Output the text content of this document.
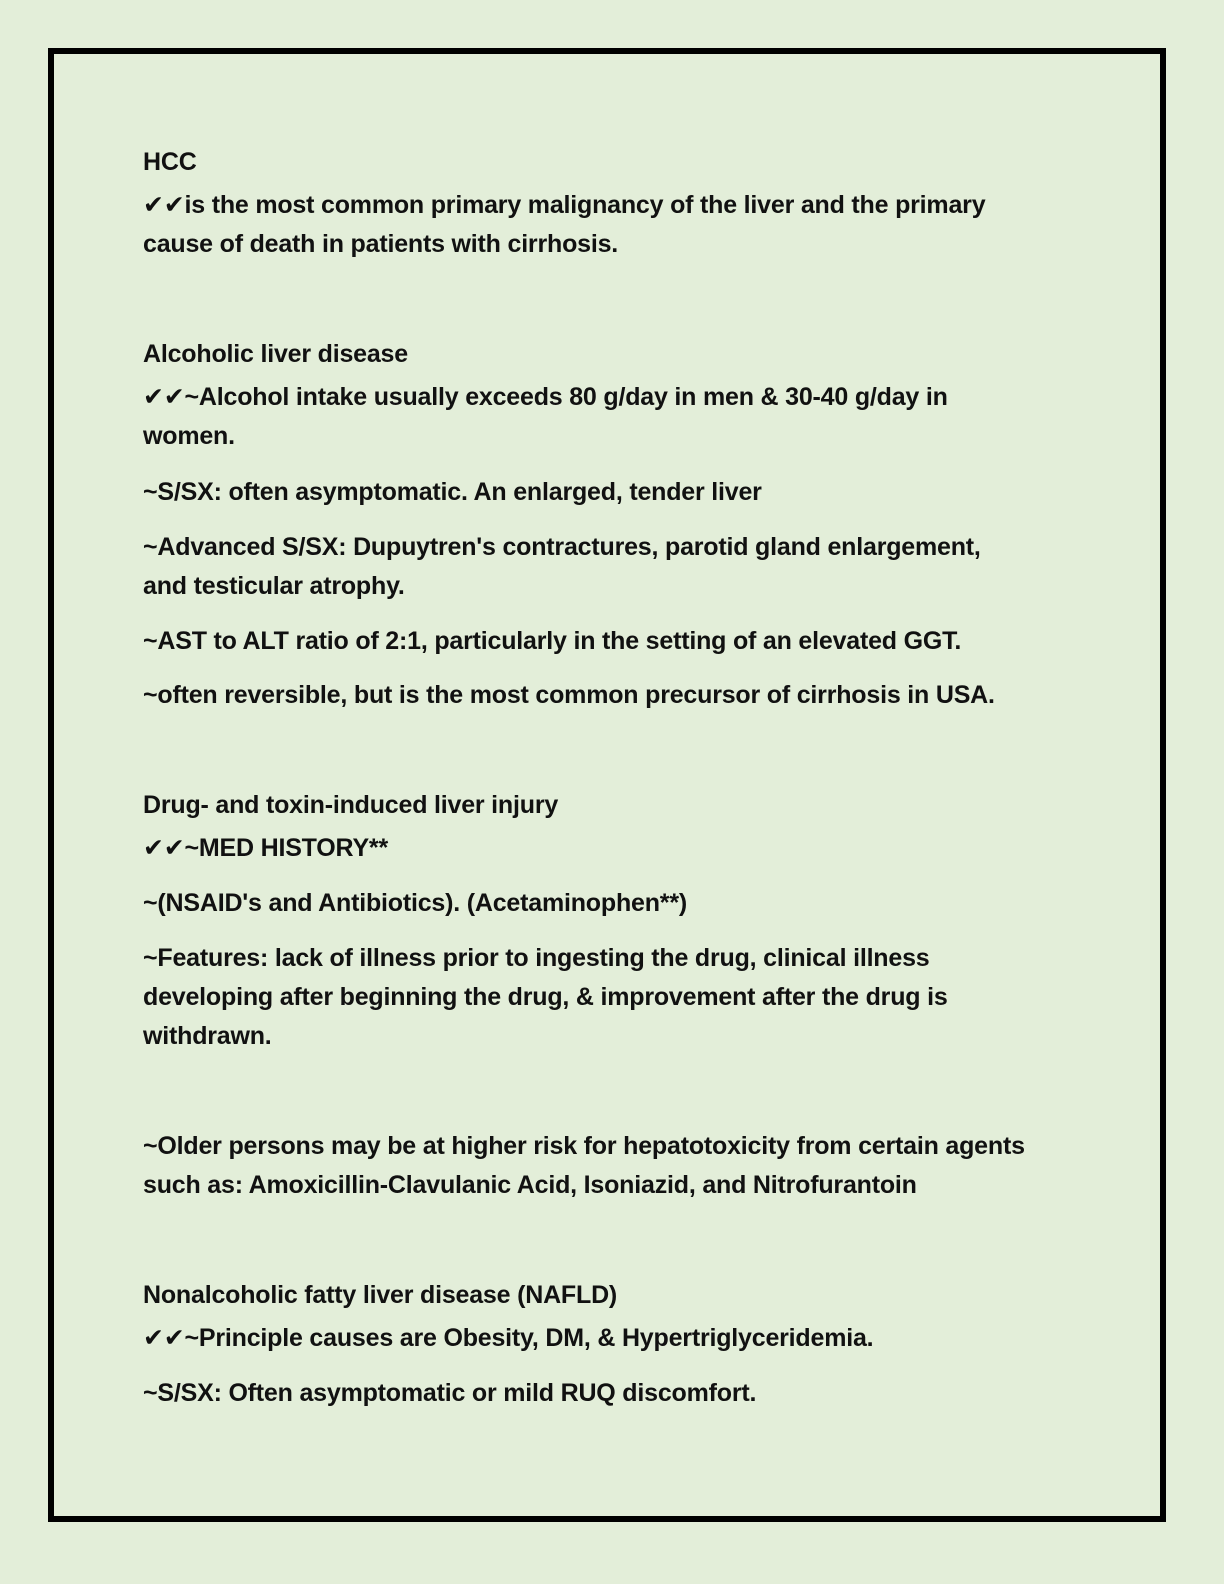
HCC

✔✔is the most common primary malignancy of the liver and the primary

cause of death in patients with cirrhosis.

Alcoholic liver disease

✔✔~Alcohol intake usually exceeds 80 g/day in men & 30-40 g/day in

women.

~S/SX: often asymptomatic. An enlarged, tender liver

~Advanced S/SX: Dupuytren's contractures, parotid gland enlargement,

and testicular atrophy.

~AST to ALT ratio of 2:1, particularly in the setting of an elevated GGT.

~often reversible, but is the most common precursor of cirrhosis in USA.

Drug- and toxin-induced liver injury

✔✔~MED HISTORY**

~(NSAID's and Antibiotics). (Acetaminophen**)

~Features: lack of illness prior to ingesting the drug, clinical illness

developing after beginning the drug, & improvement after the drug is

withdrawn.

~Older persons may be at higher risk for hepatotoxicity from certain agents

such as: Amoxicillin-Clavulanic Acid, Isoniazid, and Nitrofurantoin

Nonalcoholic fatty liver disease (NAFLD)

✔✔~Principle causes are Obesity, DM, & Hypertriglyceridemia.

~S/SX: Often asymptomatic or mild RUQ discomfort.
